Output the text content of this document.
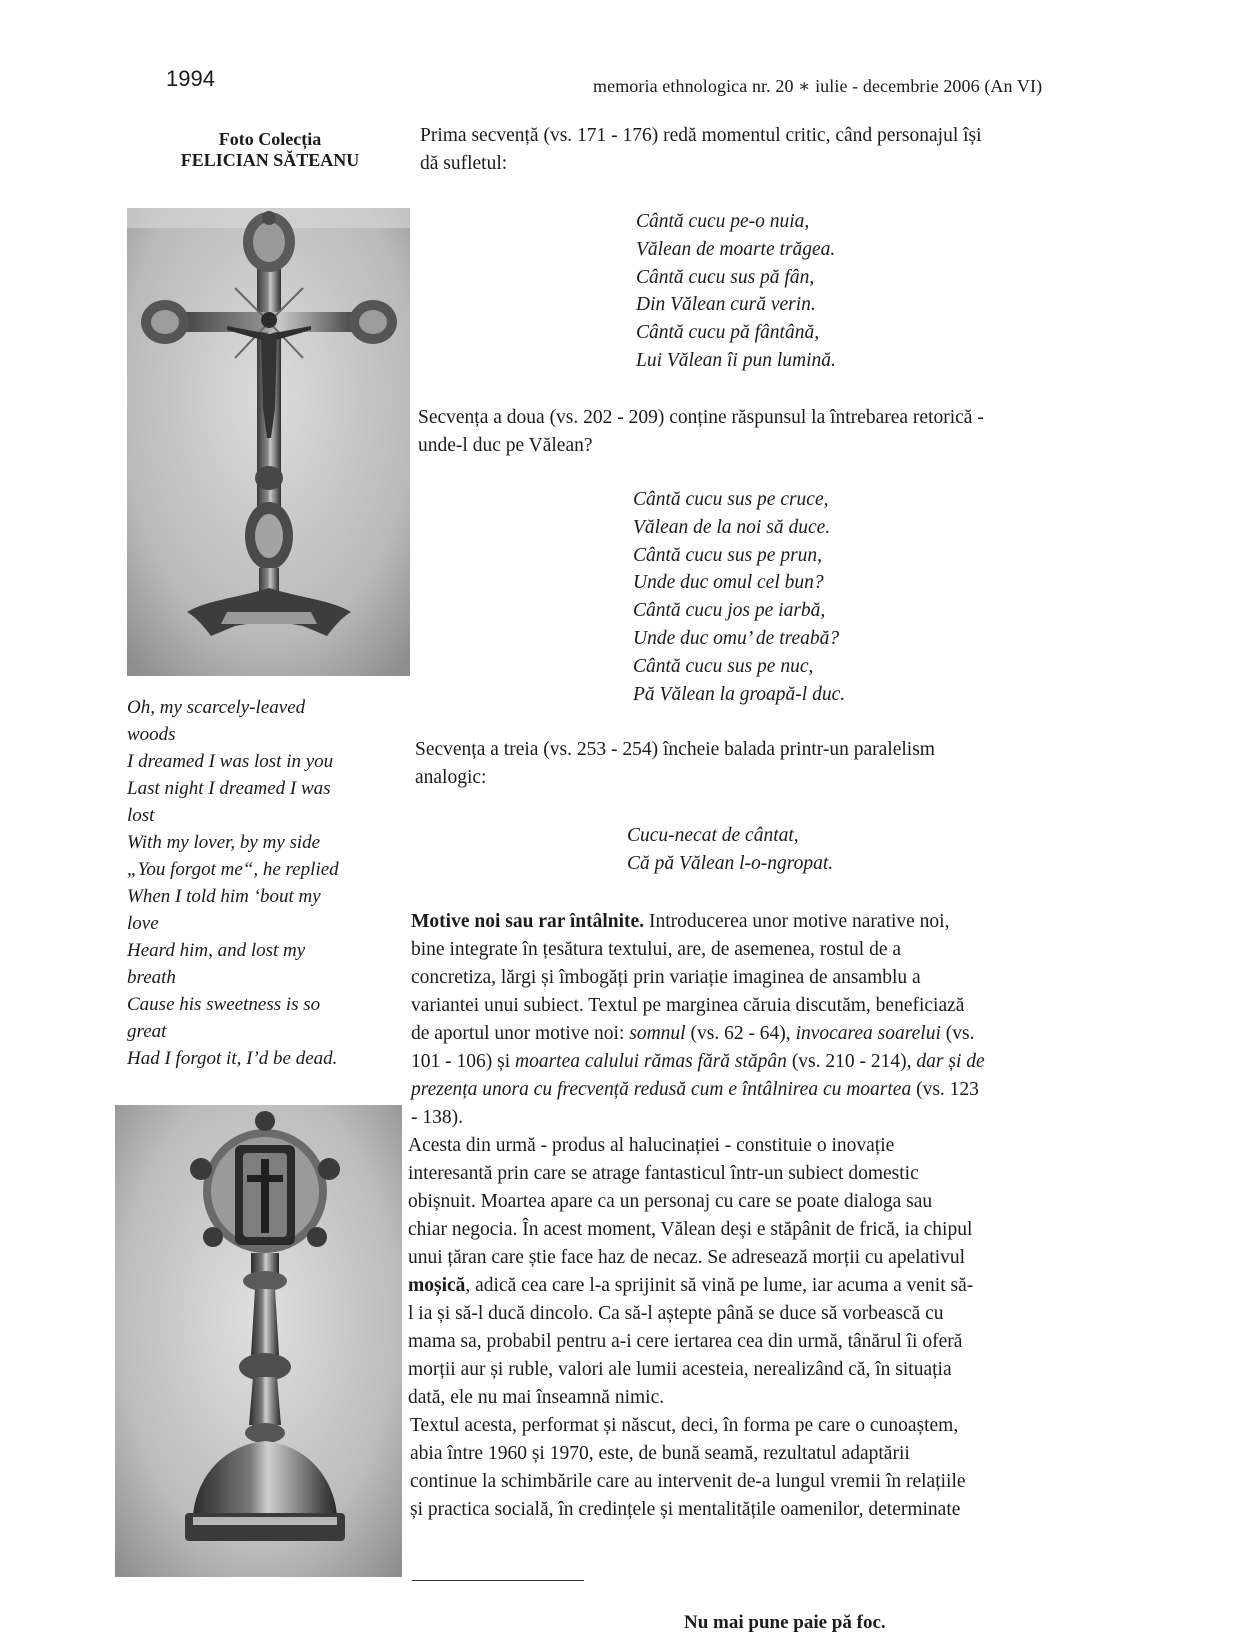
1994	memoria ethnologica nr. 20 ∗ iulie - decembrie 2006 (An VI)
Foto Colecția
FELICIAN SĂTEANU
Oh, my scarcely-leaved
woods
I dreamed I was lost in you
Last night I dreamed I was
lost
With my lover, by my side
„You forgot me“, he replied
When I told him ‘bout my
love
Heard him, and lost my
breath
Cause his sweetness is so
great
Had I forgot it, I’d be dead.
Prima secvență (vs. 171 - 176) redă momentul critic, când personajul își
dă sufletul:
Cântă cucu pe-o nuia,
Vălean de moarte trăgea.
Cântă cucu sus pă fân,
Din Vălean cură verin.
Cântă cucu pă fântână,
Lui Vălean îi pun lumină.
Secvența a doua (vs. 202 - 209) conține răspunsul la întrebarea retorică -
unde-l duc pe Vălean?
Cântă cucu sus pe cruce,
Vălean de la noi să duce.
Cântă cucu sus pe prun,
Unde duc omul cel bun?
Cântă cucu jos pe iarbă,
Unde duc omu’ de treabă?
Cântă cucu sus pe nuc,
Pă Vălean la groapă-l duc.
Secvența a treia (vs. 253 - 254) încheie balada printr-un paralelism
analogic:
Cucu-necat de cântat,
Că pă Vălean l-o-ngropat.
Motive noi sau rar întâlnite. Introducerea unor motive narative noi,
bine integrate în țesătura textului, are, de asemenea, rostul de a
concretiza, lărgi și îmbogăți prin variație imaginea de ansamblu a
variantei unui subiect. Textul pe marginea căruia discutăm, beneficiază
de aportul unor motive noi: somnul (vs. 62 - 64), invocarea soarelui (vs.
101 - 106) și moartea calului rămas fără stăpân (vs. 210 - 214), dar și de
prezența unora cu frecvență redusă cum e întâlnirea cu moartea (vs. 123
- 138).
Acesta din urmă - produs al halucinației - constituie o inovație
interesantă prin care se atrage fantasticul într-un subiect domestic
obișnuit. Moartea apare ca un personaj cu care se poate dialoga sau
chiar negocia. În acest moment, Vălean deși e stăpânit de frică, ia chipul
unui țăran care știe face haz de necaz. Se adresează morții cu apelativul
moșică, adică cea care l-a sprijinit să vină pe lume, iar acuma a venit să-
l ia și să-l ducă dincolo. Ca să-l aștepte până se duce să vorbească cu
mama sa, probabil pentru a-i cere iertarea cea din urmă, tânărul îi oferă
morții aur și ruble, valori ale lumii acesteia, nerealizând că, în situația
dată, ele nu mai înseamnă nimic.
Textul acesta, performat și născut, deci, în forma pe care o cunoaștem,
abia între 1960 și 1970, este, de bună seamă, rezultatul adaptării
continue la schimbările care au intervenit de-a lungul vremii în relațiile
și practica socială, în credințele și mentalitățile oamenilor, determinate
Nu mai pune paie pă foc.
